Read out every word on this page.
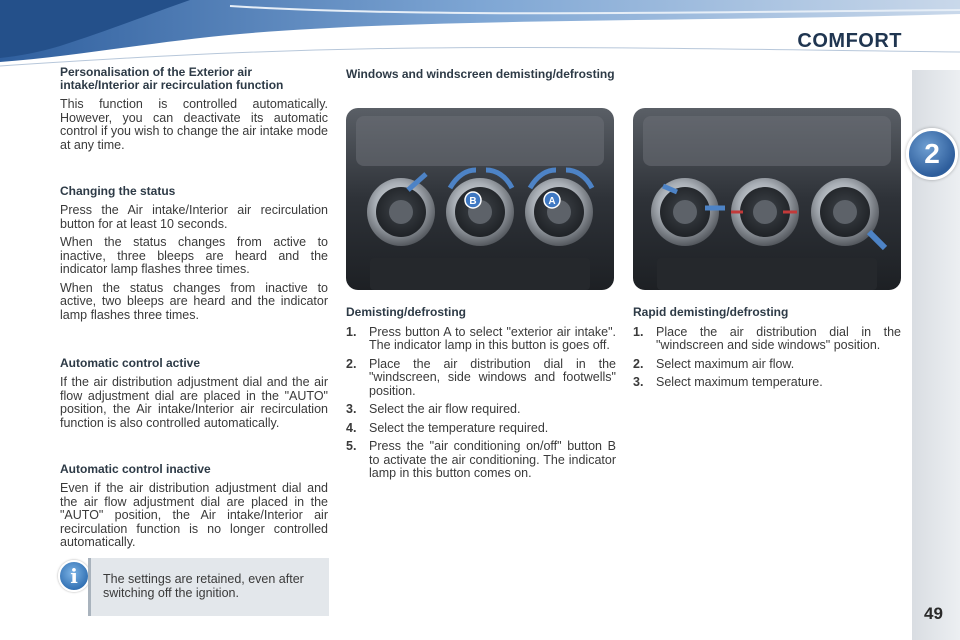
COMFORT
2
49
Personalisation of the Exterior air intake/Interior air recirculation function

This function is controlled automatically. However, you can deactivate its automatic control if you wish to change the air intake mode at any time.

Changing the status

Press the Air intake/Interior air recirculation button for at least 10 seconds.

When the status changes from active to inactive, three bleeps are heard and the indicator lamp flashes three times.

When the status changes from inactive to active, two bleeps are heard and the indicator lamp flashes three times.

Automatic control active

If the air distribution adjustment dial and the air flow adjustment dial are placed in the "AUTO" position, the Air intake/Interior air recirculation function is also controlled automatically.

Automatic control inactive

Even if the air distribution adjustment dial and the air flow adjustment dial are placed in the "AUTO" position, the Air intake/Interior air recirculation function is no longer controlled automatically.

i	The settings are retained, even after switching off the ignition.
Windows and windscreen demisting/defrosting
B	A
Demisting/defrosting
1.	Press button A to select "exterior air intake". The indicator lamp in this button is goes off.
2.	Place the air distribution dial in the "windscreen, side windows and footwells" position.
3.	Select the air flow required.
4.	Select the temperature required.
5.	Press the "air conditioning on/off" button B to activate the air conditioning. The indicator lamp in this button comes on.
Rapid demisting/defrosting
1.	Place the air distribution dial in the "windscreen and side windows" position.
2.	Select maximum air flow.
3.	Select maximum temperature.
